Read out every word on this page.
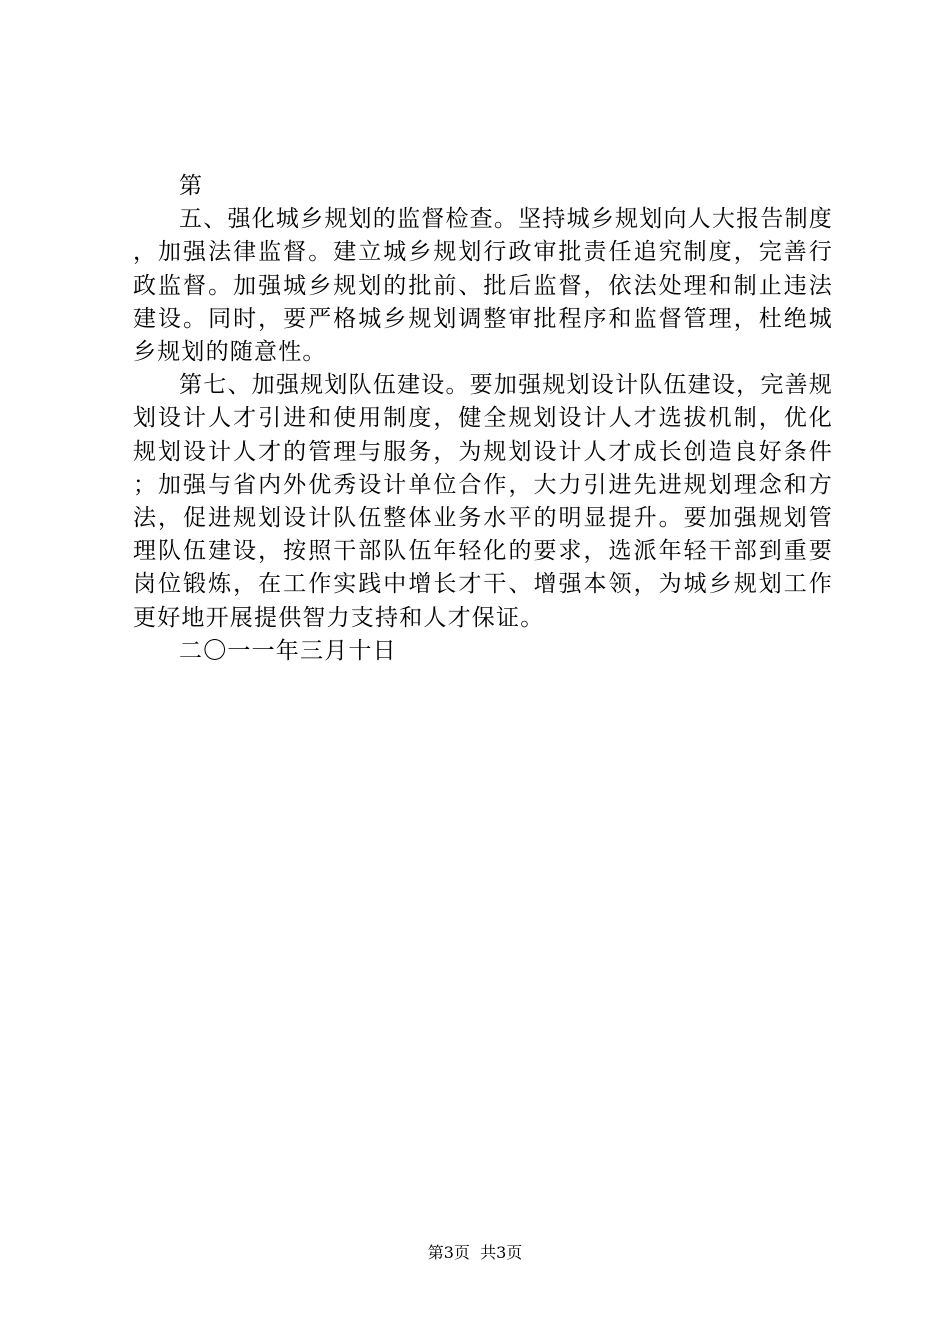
第

五、强化城乡规划的监督检查。坚持城乡规划向人大报告制度，加强法律监督。建立城乡规划行政审批责任追究制度，完善行政监督。加强城乡规划的批前、批后监督，依法处理和制止违法建设。同时，要严格城乡规划调整审批程序和监督管理，杜绝城乡规划的随意性。

第七、加强规划队伍建设。要加强规划设计队伍建设，完善规划设计人才引进和使用制度，健全规划设计人才选拔机制，优化规划设计人才的管理与服务，为规划设计人才成长创造良好条件；加强与省内外优秀设计单位合作，大力引进先进规划理念和方法，促进规划设计队伍整体业务水平的明显提升。要加强规划管理队伍建设，按照干部队伍年轻化的要求，选派年轻干部到重要岗位锻炼，在工作实践中增长才干、增强本领，为城乡规划工作更好地开展提供智力支持和人才保证。

二〇一一年三月十日

第3页 共3页
